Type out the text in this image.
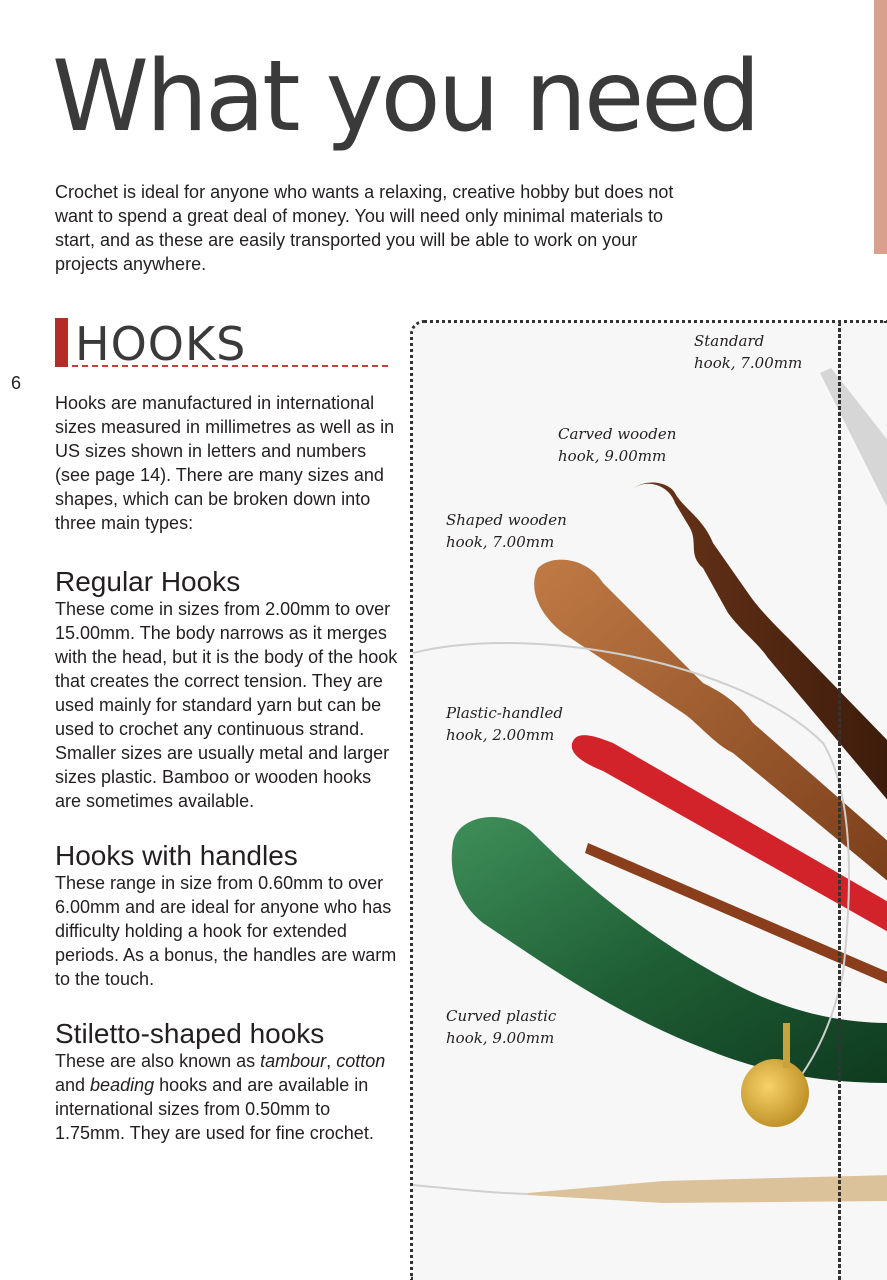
What you need

Crochet is ideal for anyone who wants a relaxing, creative hobby but does not want to spend a great deal of money. You will need only minimal materials to start, and as these are easily transported you will be able to work on your projects anywhere.

HOOKS
6

Hooks are manufactured in international sizes measured in millimetres as well as in US sizes shown in letters and numbers (see page 14). There are many sizes and shapes, which can be broken down into three main types:

Regular Hooks

These come in sizes from 2.00mm to over 15.00mm. The body narrows as it merges with the head, but it is the body of the hook that creates the correct tension. They are used mainly for standard yarn but can be used to crochet any continuous strand. Smaller sizes are usually metal and larger sizes plastic. Bamboo or wooden hooks are sometimes available.

Hooks with handles

These range in size from 0.60mm to over 6.00mm and are ideal for anyone who has difficulty holding a hook for extended periods. As a bonus, the handles are warm to the touch.

Stiletto-shaped hooks

These are also known as tambour, cotton and beading hooks and are available in international sizes from 0.50mm to 1.75mm. They are used for fine crochet.

Standard
hook, 7.00mm
Carved wooden
hook, 9.00mm
Shaped wooden
hook, 7.00mm
Plastic-handled
hook, 2.00mm
Curved plastic
hook, 9.00mm
